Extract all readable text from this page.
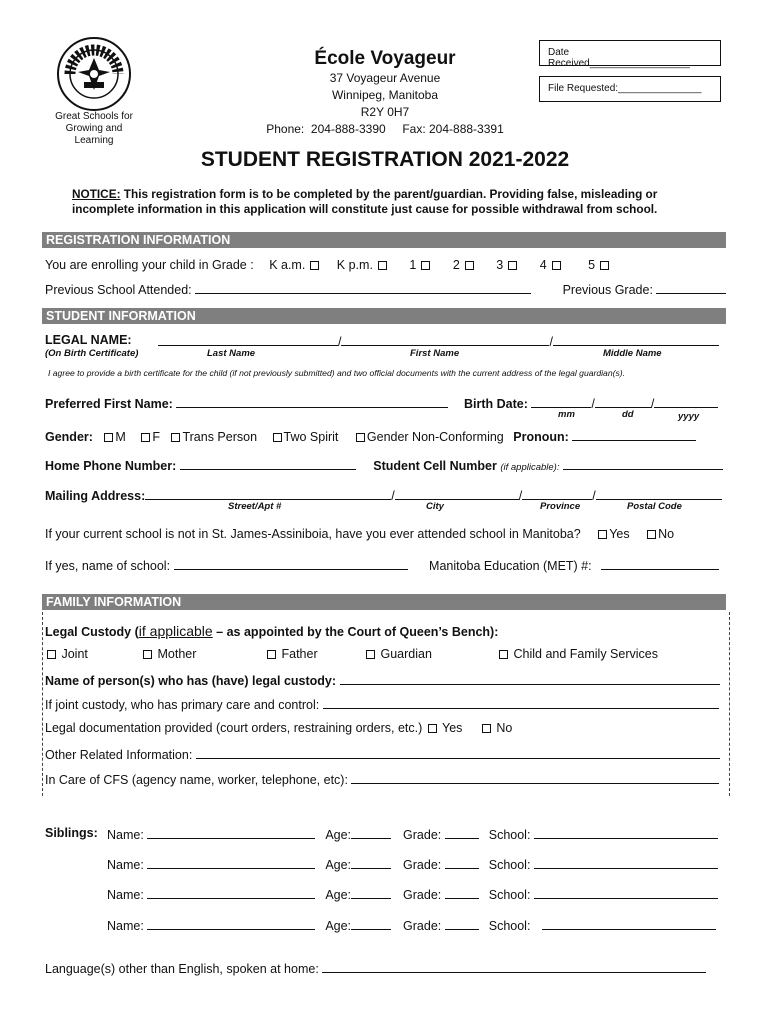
Great Schools for Growing and Learning
École Voyageur
37 Voyageur Avenue
Winnipeg, Manitoba
R2Y 0H7
Phone:  204-888-3390     Fax: 204-888-3391
Date Received__________________
File Requested:_______________
STUDENT REGISTRATION 2021-2022
NOTICE: This registration form is to be completed by the parent/guardian. Providing false, misleading or incomplete information in this application will constitute just cause for possible withdrawal from school.
REGISTRATION INFORMATION
You are enrolling your child in Grade : K a.m.	K p.m.	1	2	3	4	5
Previous School Attended:	Previous Grade:
STUDENT INFORMATION
LEGAL NAME:	/	/
(On Birth Certificate)	Last Name	First Name	Middle Name
I agree to provide a birth certificate for the child (if not previously submitted) and two official documents with the current address of the legal guardian(s).
Preferred First Name:	Birth Date:	/	/
mm	dd	yyyy
Gender: M F Trans Person Two Spirit Gender Non-Conforming Pronoun:
Home Phone Number:	Student Cell Number (if applicable):
Mailing Address:	/	/	/
Street/Apt #	City	Province	Postal Code
If your current school is not in St. James-Assiniboia, have you ever attended school in Manitoba? Yes No
If yes, name of school:	Manitoba Education (MET) #:
FAMILY INFORMATION
Legal Custody (if applicable – as appointed by the Court of Queen’s Bench):
Joint	Mother	Father	Guardian	Child and Family Services
Name of person(s) who has (have) legal custody:
If joint custody, who has primary care and control:
Legal documentation provided (court orders, restraining orders, etc.) Yes	No
Other Related Information:
In Care of CFS (agency name, worker, telephone, etc):
Siblings: Name:	Age:	Grade:	School:
Name:	Age:	Grade:	School:
Name:	Age:	Grade:	School:
Name:	Age:	Grade:	School:
Language(s) other than English, spoken at home:
